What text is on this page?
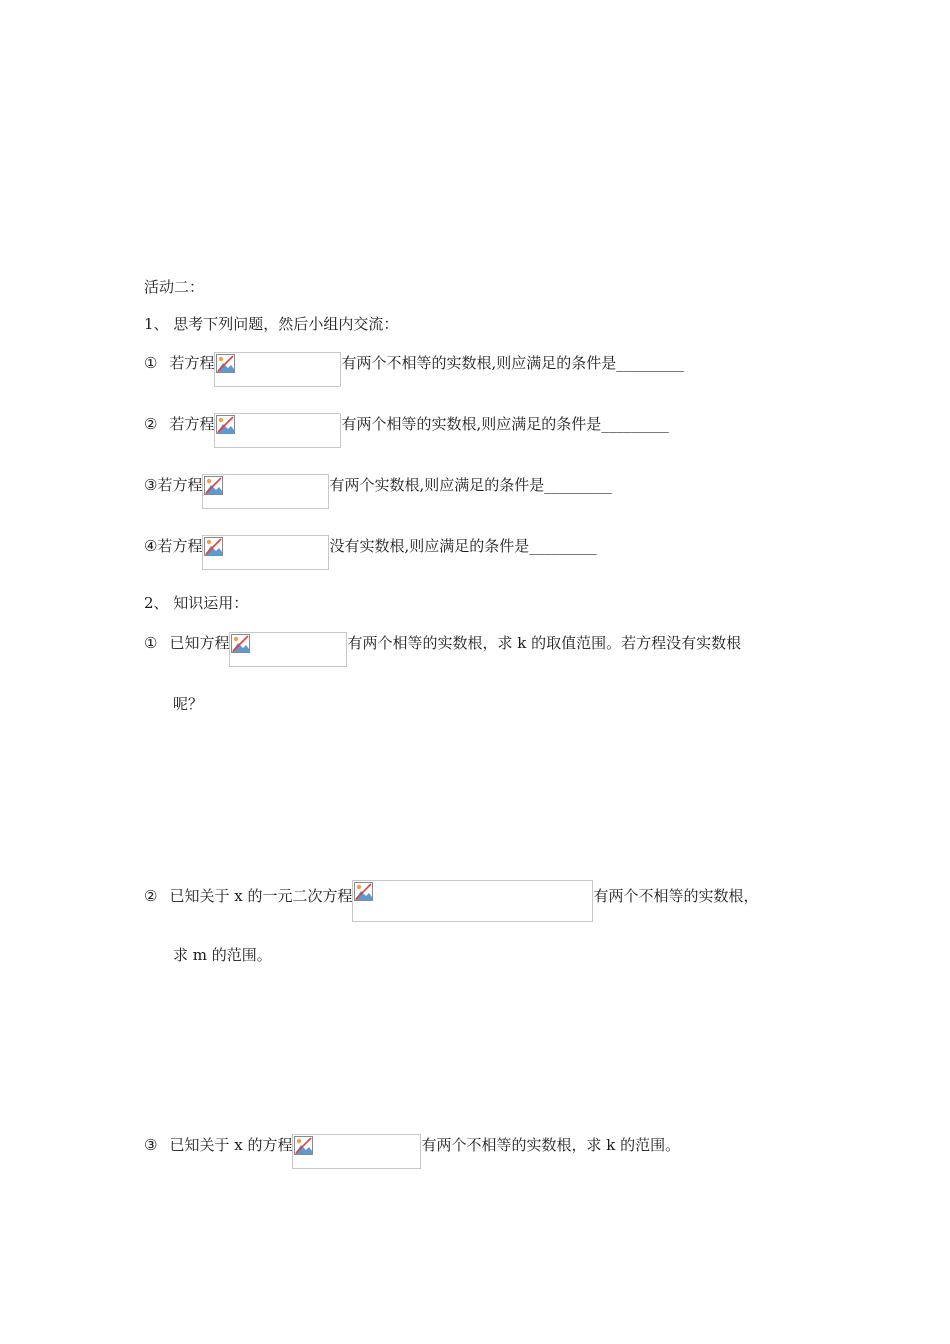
活动二：
1、 思考下列问题，然后小组内交流：
① 若方程	有两个不相等的实数根,则应满足的条件是 _________
② 若方程	有两个相等的实数根,则应满足的条件是 _________
③ 若方程	有两个实数根,则应满足的条件是 _________
④ 若方程	没有实数根,则应满足的条件是 _________
2、 知识运用：
① 已知方程	有两个相等的实数根，求 k 的取值范围。若方程没有实数根
呢？
② 已知关于 x 的一元二次方程	有两个不相等的实数根，
求 m 的范围。
③ 已知关于 x 的方程	有两个不相等的实数根，求 k 的范围。
